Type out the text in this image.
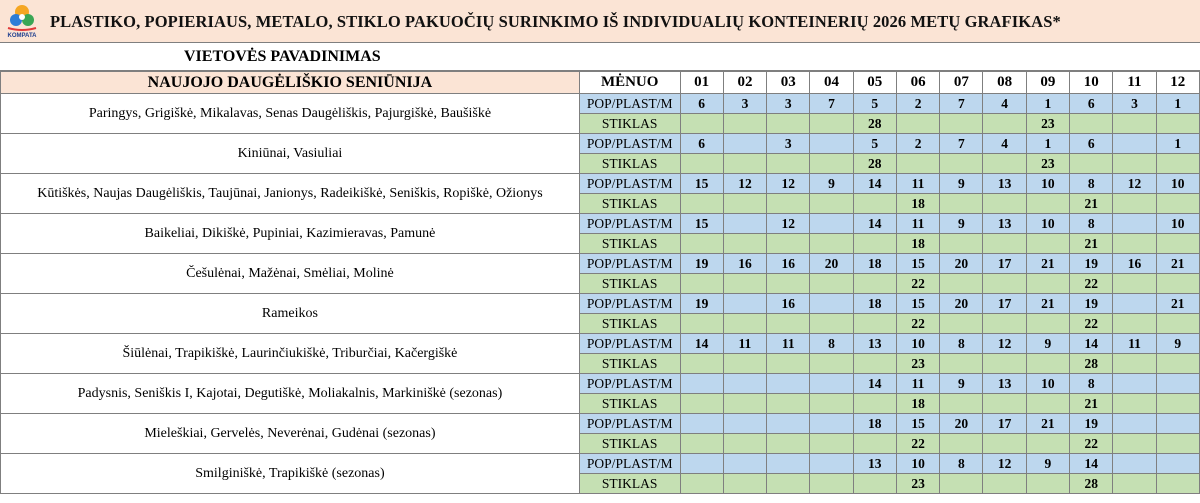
KOMPATA
PLASTIKO, POPIERIAUS, METALO, STIKLO PAKUOČIŲ SURINKIMO IŠ INDIVIDUALIŲ KONTEINERIŲ 2026 METŲ GRAFIKAS*
VIETOVĖS PAVADINIMAS
NAUJOJO DAUGĖLIŠKIO SENIŪNIJA	MĖNUO	01	02	03	04	05	06	07	08	09	10	11	12
Paringys, Grigiškė, Mikalavas, Senas Daugėliškis, Pajurgiškė, Baušiškė	POP/PLAST/M	6	3	3	7	5	2	7	4	1	6	3	1
	STIKLAS					28				23			
Kiniūnai, Vasiuliai	POP/PLAST/M	6		3		5	2	7	4	1	6		1
	STIKLAS					28				23			
Kūtiškės, Naujas Daugėliškis, Taujūnai, Janionys, Radeikiškė, Seniškis, Ropiškė, Ožionys	POP/PLAST/M	15	12	12	9	14	11	9	13	10	8	12	10
	STIKLAS						18				21		
Baikeliai, Dikiškė, Pupiniai, Kazimieravas, Pamunė	POP/PLAST/M	15		12		14	11	9	13	10	8		10
	STIKLAS						18				21		
Češulėnai, Mažėnai, Smėliai, Molinė	POP/PLAST/M	19	16	16	20	18	15	20	17	21	19	16	21
	STIKLAS						22				22		
Rameikos	POP/PLAST/M	19		16		18	15	20	17	21	19		21
	STIKLAS						22				22		
Šiūlėnai, Trapikiškė, Laurinčiukiškė, Triburčiai, Kačergiškė	POP/PLAST/M	14	11	11	8	13	10	8	12	9	14	11	9
	STIKLAS						23				28		
Padysnis, Seniškis I, Kajotai, Degutiškė, Moliakalnis, Markiniškė (sezonas)	POP/PLAST/M					14	11	9	13	10	8		
	STIKLAS						18				21		
Mieleškiai, Gervelės, Neverėnai, Gudėnai (sezonas)	POP/PLAST/M					18	15	20	17	21	19		
	STIKLAS						22				22		
Smilginiškė, Trapikiškė (sezonas)	POP/PLAST/M					13	10	8	12	9	14		
	STIKLAS						23				28		
